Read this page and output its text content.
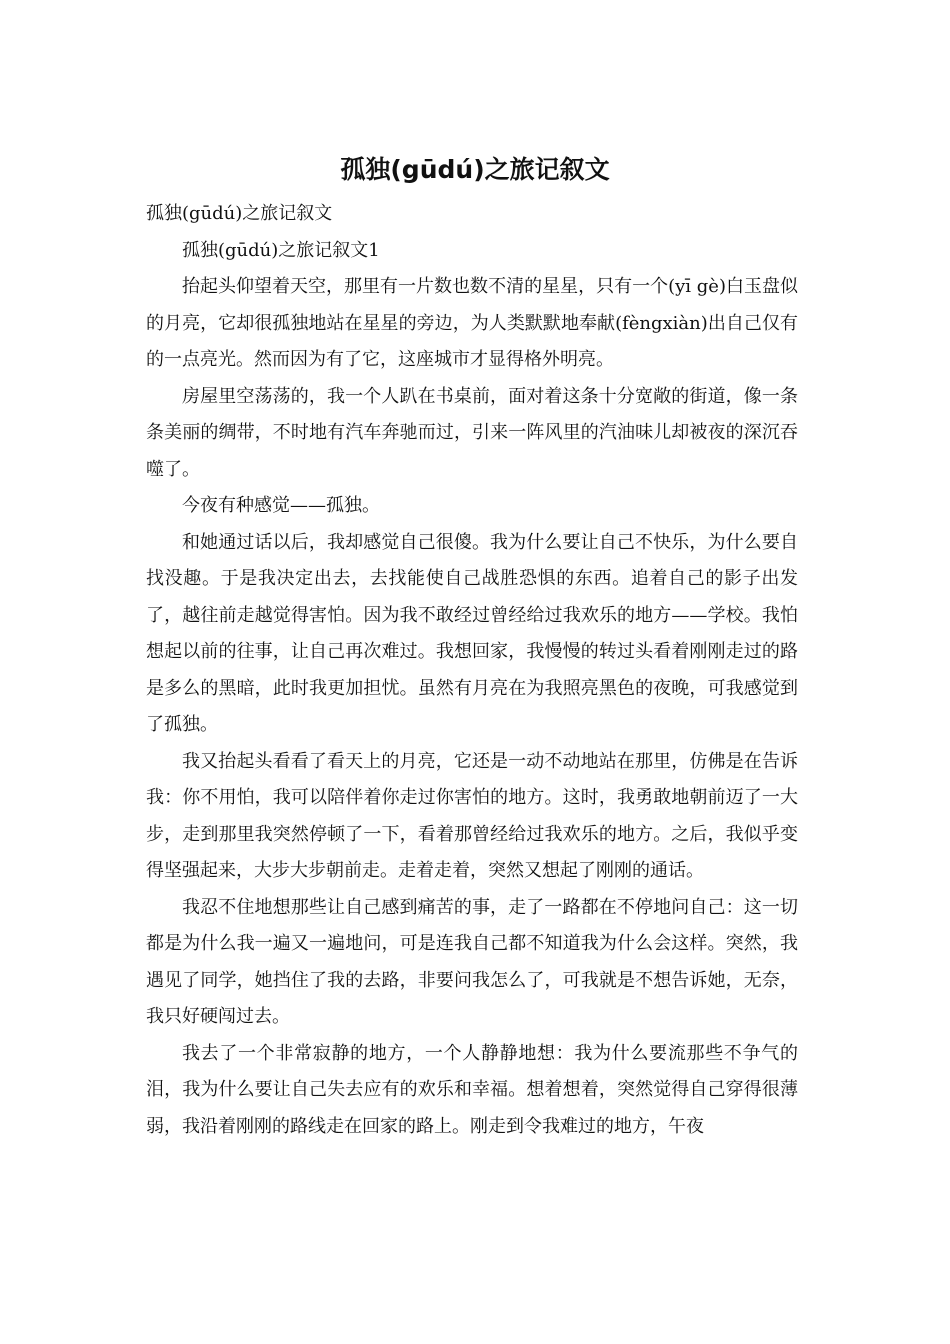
孤独(gūdú)之旅记叙文

孤独(gūdú)之旅记叙文

孤独(gūdú)之旅记叙文1

抬起头仰望着天空，那里有一片数也数不清的星星，只有一个(yī gè)白玉盘似的月亮，它却很孤独地站在星星的旁边，为人类默默地奉献(fèngxiàn)出自己仅有的一点亮光。然而因为有了它，这座城市才显得格外明亮。

房屋里空荡荡的，我一个人趴在书桌前，面对着这条十分宽敞的街道，像一条条美丽的绸带，不时地有汽车奔驰而过，引来一阵风里的汽油味儿却被夜的深沉吞噬了。

今夜有种感觉——孤独。

和她通过话以后，我却感觉自己很傻。我为什么要让自己不快乐，为什么要自找没趣。于是我决定出去，去找能使自己战胜恐惧的东西。追着自己的影子出发了，越往前走越觉得害怕。因为我不敢经过曾经给过我欢乐的地方——学校。我怕想起以前的往事，让自己再次难过。我想回家，我慢慢的转过头看着刚刚走过的路是多么的黑暗，此时我更加担忧。虽然有月亮在为我照亮黑色的夜晚，可我感觉到了孤独。

我又抬起头看看了看天上的月亮，它还是一动不动地站在那里，仿佛是在告诉我：你不用怕，我可以陪伴着你走过你害怕的地方。这时，我勇敢地朝前迈了一大步，走到那里我突然停顿了一下，看着那曾经给过我欢乐的地方。之后，我似乎变得坚强起来，大步大步朝前走。走着走着，突然又想起了刚刚的通话。

我忍不住地想那些让自己感到痛苦的事，走了一路都在不停地问自己：这一切都是为什么我一遍又一遍地问，可是连我自己都不知道我为什么会这样。突然，我遇见了同学，她挡住了我的去路，非要问我怎么了，可我就是不想告诉她，无奈，我只好硬闯过去。

我去了一个非常寂静的地方，一个人静静地想：我为什么要流那些不争气的泪，我为什么要让自己失去应有的欢乐和幸福。想着想着，突然觉得自己穿得很薄弱，我沿着刚刚的路线走在回家的路上。刚走到令我难过的地方，午夜
